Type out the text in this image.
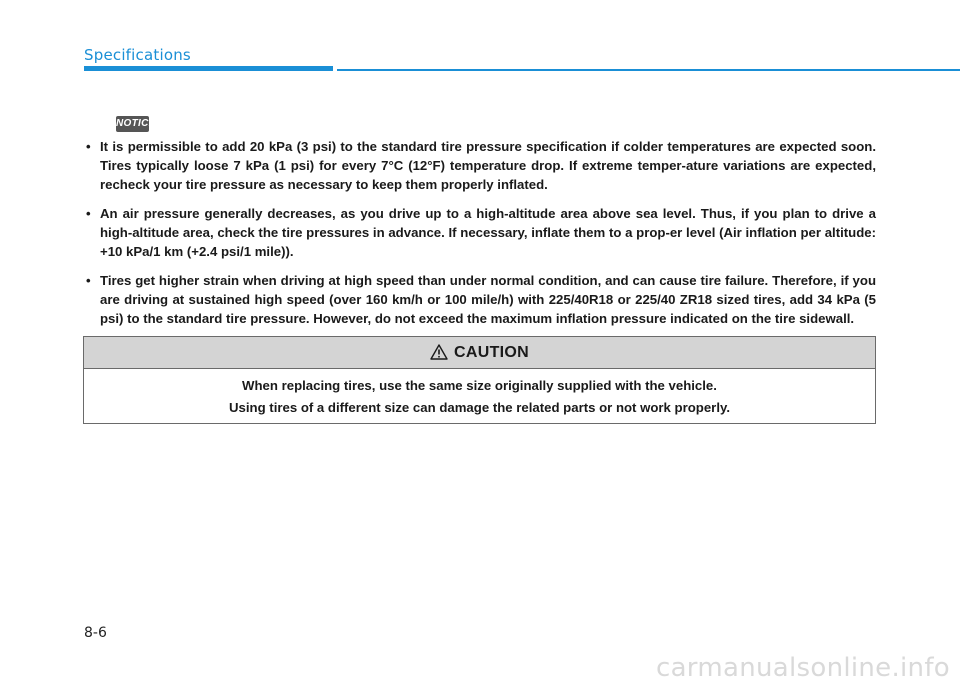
Specifications
NOTICE
• It is permissible to add 20 kPa (3 psi) to the standard tire pressure specification if colder temperatures are expected soon. Tires typically loose 7 kPa (1 psi) for every 7°C (12°F) temperature drop. If extreme temper-ature variations are expected, recheck your tire pressure as necessary to keep them properly inflated.
• An air pressure generally decreases, as you drive up to a high-altitude area above sea level. Thus, if you plan to drive a high-altitude area, check the tire pressures in advance. If necessary, inflate them to a prop-er level (Air inflation per altitude: +10 kPa/1 km (+2.4 psi/1 mile)).
• Tires get higher strain when driving at high speed than under normal condition, and can cause tire failure. Therefore, if you are driving at sustained high speed (over 160 km/h or 100 mile/h) with 225/40R18 or 225/40 ZR18 sized tires, add 34 kPa (5 psi) to the standard tire pressure. However, do not exceed the maximum inflation pressure indicated on the tire sidewall.
CAUTION
When replacing tires, use the same size originally supplied with the vehicle.
Using tires of a different size can damage the related parts or not work properly.
8-6
carmanualsonline.info
